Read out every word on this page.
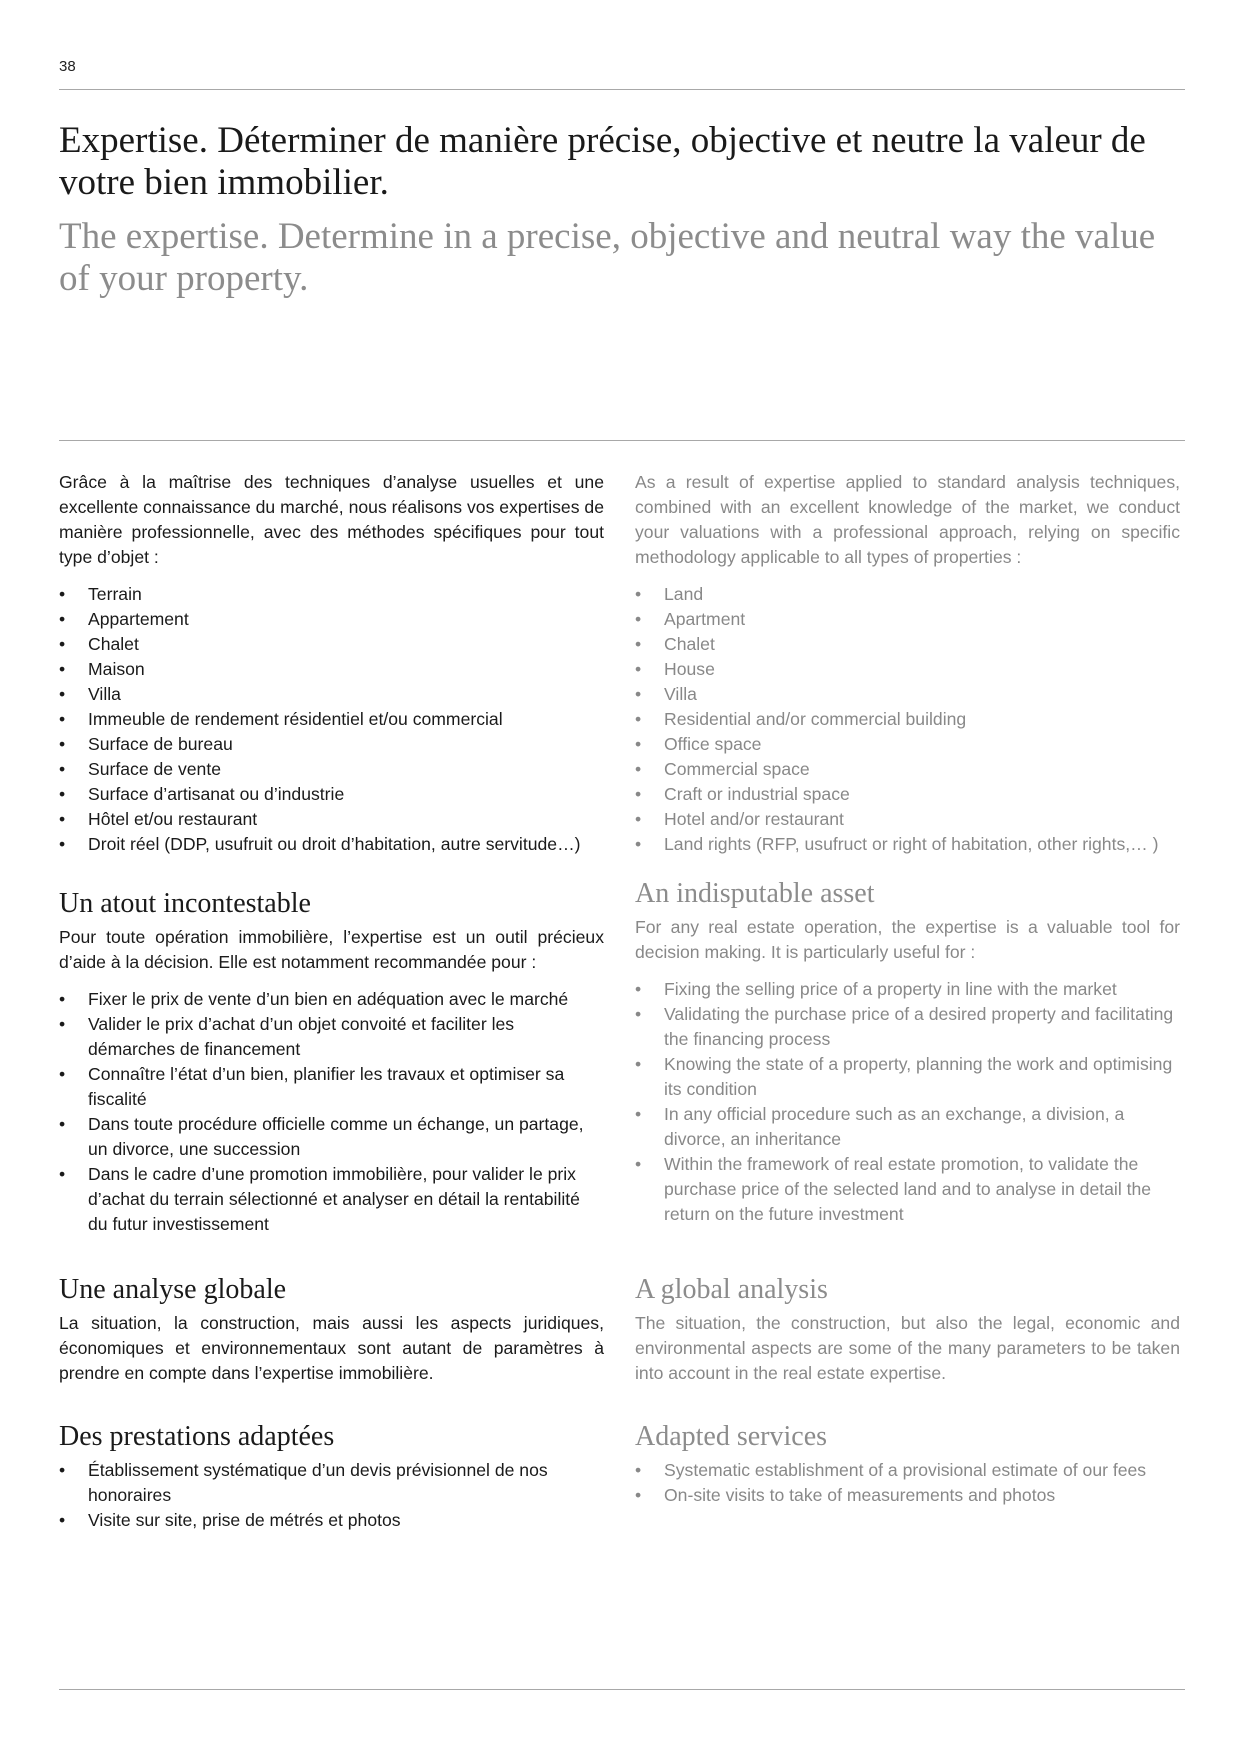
38
Expertise. Déterminer de manière précise, objective et neutre la valeur de votre bien immobilier.
The expertise. Determine in a precise, objective and neutral way the value of your property.

Grâce à la maîtrise des techniques d’analyse usuelles et une excellente connaissance du marché, nous réalisons vos expertises de manière professionnelle, avec des méthodes spécifiques pour tout type d’objet :

• Terrain
• Appartement
• Chalet
• Maison
• Villa
• Immeuble de rendement résidentiel et/ou commercial
• Surface de bureau
• Surface de vente
• Surface d’artisanat ou d’industrie
• Hôtel et/ou restaurant
• Droit réel (DDP, usufruit ou droit d’habitation, autre servitude…)
Un atout incontestable

Pour toute opération immobilière, l’expertise est un outil précieux d’aide à la décision. Elle est notamment recommandée pour :

• Fixer le prix de vente d’un bien en adéquation avec le marché
• Valider le prix d’achat d’un objet convoité et faciliter les démarches de financement
• Connaître l’état d’un bien, planifier les travaux et optimiser sa fiscalité
• Dans toute procédure officielle comme un échange, un partage, un divorce, une succession
• Dans le cadre d’une promotion immobilière, pour valider le prix d’achat du terrain sélectionné et analyser en détail la rentabilité du futur investissement
Une analyse globale

La situation, la construction, mais aussi les aspects juridiques, économiques et environnementaux sont autant de paramètres à prendre en compte dans l’expertise immobilière.

Des prestations adaptées
• Établissement systématique d’un devis prévisionnel de nos honoraires
• Visite sur site, prise de métrés et photos

As a result of expertise applied to standard analysis techniques, combined with an excellent knowledge of the market, we conduct your valuations with a professional approach, relying on specific methodology applicable to all types of properties :

• Land
• Apartment
• Chalet
• House
• Villa
• Residential and/or commercial building
• Office space
• Commercial space
• Craft or industrial space
• Hotel and/or restaurant
• Land rights (RFP, usufruct or right of habitation, other rights,… )
An indisputable asset

For any real estate operation, the expertise is a valuable tool for decision making. It is particularly useful for :

• Fixing the selling price of a property in line with the market
• Validating the purchase price of a desired property and facilitating the financing process
• Knowing the state of a property, planning the work and optimising its condition
• In any official procedure such as an exchange, a division, a divorce, an inheritance
• Within the framework of real estate promotion, to validate the purchase price of the selected land and to analyse in detail the return on the future investment
A global analysis

The situation, the construction, but also the legal, economic and environmental aspects are some of the many parameters to be taken into account in the real estate expertise.

Adapted services
• Systematic establishment of a provisional estimate of our fees
• On-site visits to take of measurements and photos
